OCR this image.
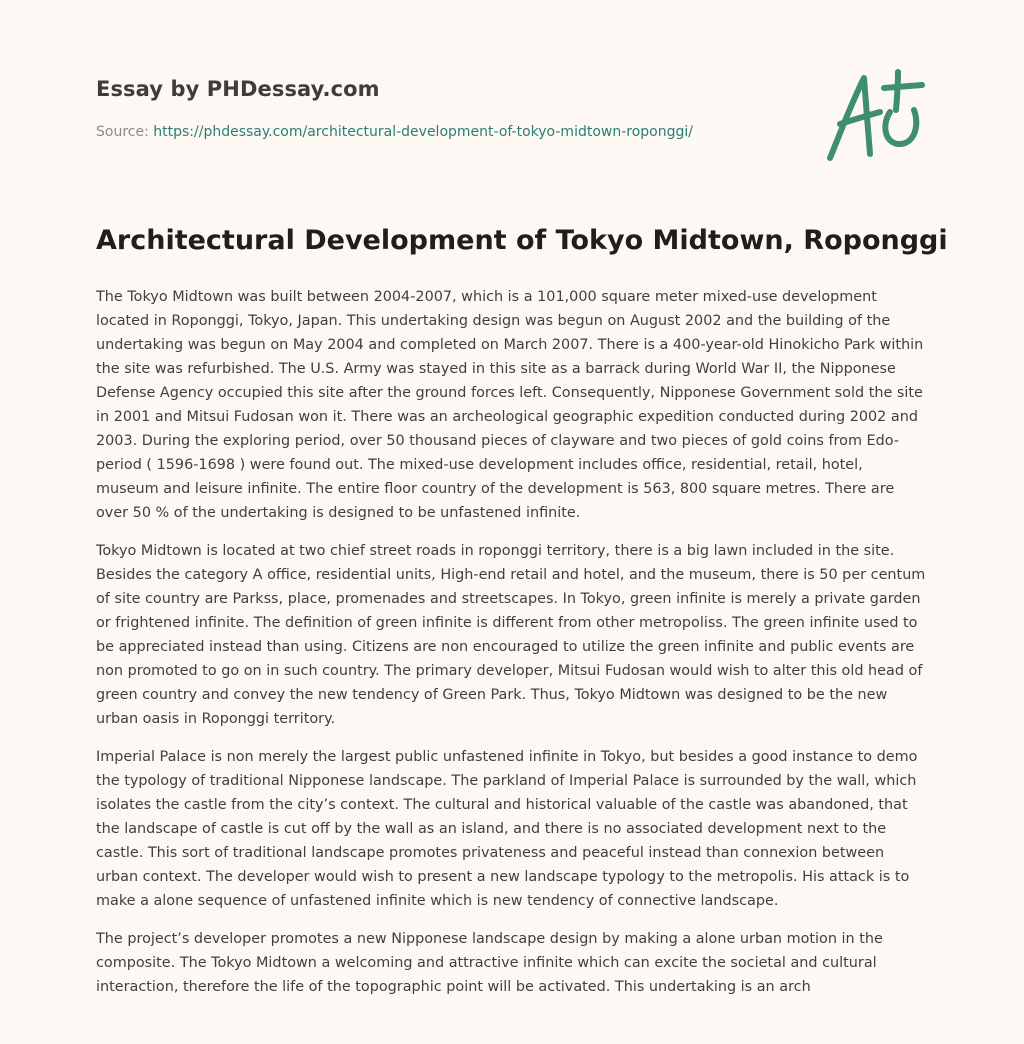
Essay by PHDessay.com
Source: https://phdessay.com/architectural-development-of-tokyo-midtown-roponggi/
Architectural Development of Tokyo Midtown, Roponggi

The Tokyo Midtown was built between 2004-2007, which is a 101,000 square meter mixed-use development located in Roponggi, Tokyo, Japan. This undertaking design was begun on August 2002 and the building of the undertaking was begun on May 2004 and completed on March 2007. There is a 400-year-old Hinokicho Park within the site was refurbished. The U.S. Army was stayed in this site as a barrack during World War II, the Nipponese Defense Agency occupied this site after the ground forces left. Consequently, Nipponese Government sold the site in 2001 and Mitsui Fudosan won it. There was an archeological geographic expedition conducted during 2002 and 2003. During the exploring period, over 50 thousand pieces of clayware and two pieces of gold coins from Edo-period ( 1596-1698 ) were found out. The mixed-use development includes office, residential, retail, hotel, museum and leisure infinite. The entire floor country of the development is 563, 800 square metres. There are over 50 % of the undertaking is designed to be unfastened infinite.

Tokyo Midtown is located at two chief street roads in roponggi territory, there is a big lawn included in the site. Besides the category A office, residential units, High-end retail and hotel, and the museum, there is 50 per centum of site country are Parkss, place, promenades and streetscapes. In Tokyo, green infinite is merely a private garden or frightened infinite. The definition of green infinite is different from other metropoliss. The green infinite used to be appreciated instead than using. Citizens are non encouraged to utilize the green infinite and public events are non promoted to go on in such country. The primary developer, Mitsui Fudosan would wish to alter this old head of green country and convey the new tendency of Green Park. Thus, Tokyo Midtown was designed to be the new urban oasis in Roponggi territory.

Imperial Palace is non merely the largest public unfastened infinite in Tokyo, but besides a good instance to demo the typology of traditional Nipponese landscape. The parkland of Imperial Palace is surrounded by the wall, which isolates the castle from the city’s context. The cultural and historical valuable of the castle was abandoned, that the landscape of castle is cut off by the wall as an island, and there is no associated development next to the castle. This sort of traditional landscape promotes privateness and peaceful instead than connexion between urban context. The developer would wish to present a new landscape typology to the metropolis. His attack is to make a alone sequence of unfastened infinite which is new tendency of connective landscape.

The project’s developer promotes a new Nipponese landscape design by making a alone urban motion in the composite. The Tokyo Midtown a welcoming and attractive infinite which can excite the societal and cultural interaction, therefore the life of the topographic point will be activated. This undertaking is an arch
